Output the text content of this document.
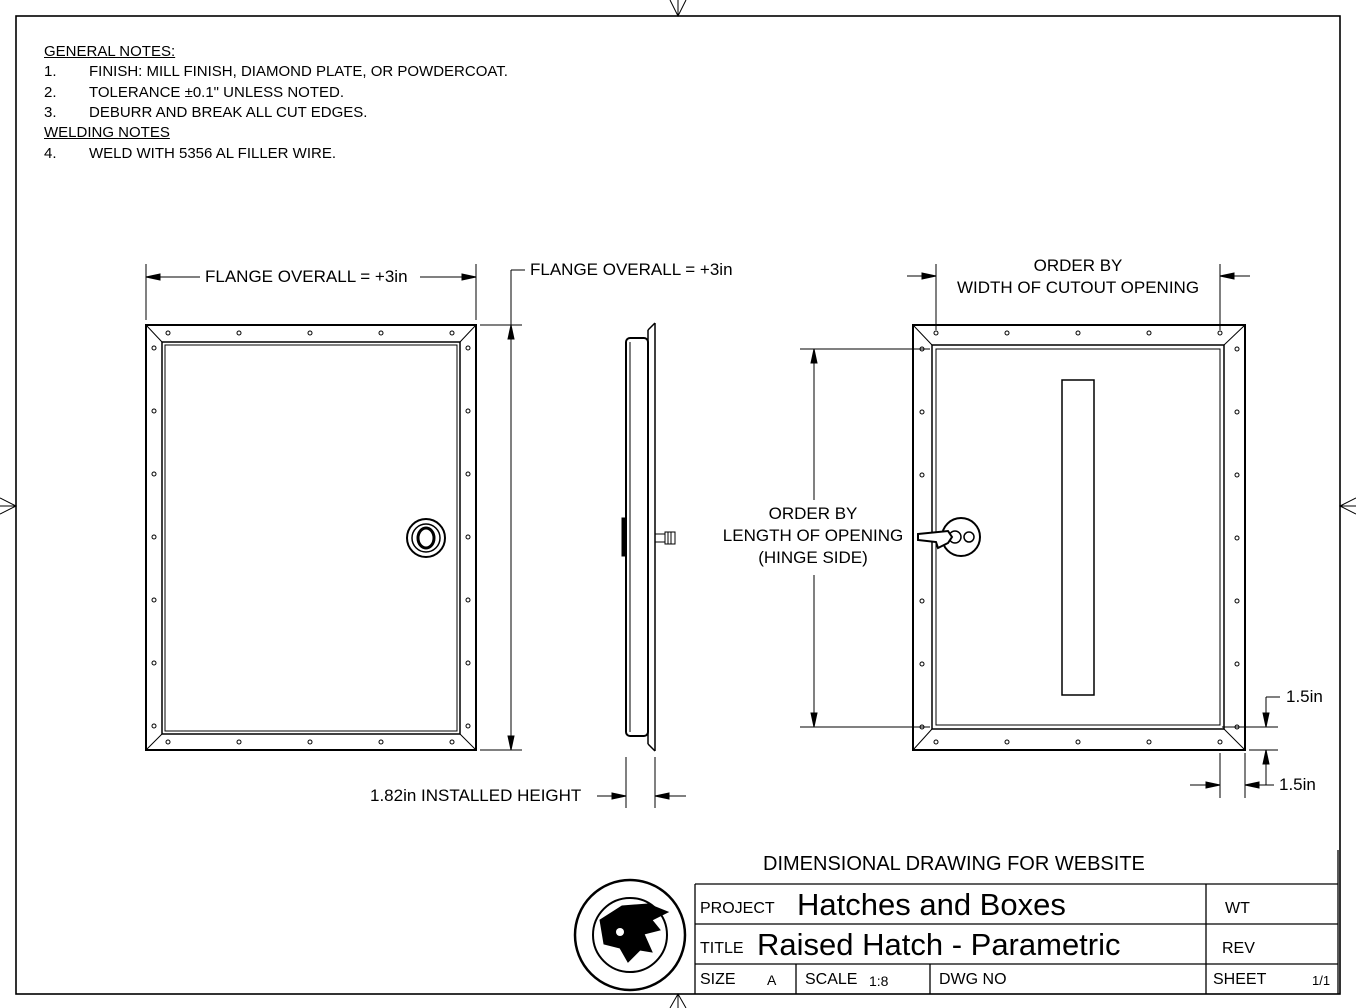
GENERAL NOTES:
1. FINISH: MILL FINISH, DIAMOND PLATE, OR POWDERCOAT.
2. TOLERANCE ±0.1" UNLESS NOTED.
3. DEBURR AND BREAK ALL CUT EDGES.
WELDING NOTES
4. WELD WITH 5356 AL FILLER WIRE.
FLANGE OVERALL = +3in	FLANGE OVERALL = +3in
1.82in INSTALLED HEIGHT
ORDER BY
WIDTH OF CUTOUT OPENING
ORDER BY
LENGTH OF OPENING
(HINGE SIDE)
1.5in
1.5in
DIMENSIONAL DRAWING FOR WEBSITE
PROJECT Hatches and Boxes	WT
TITLE Raised Hatch - Parametric	REV
SIZE A SCALE 1:8	DWG NO	SHEET	1/1
